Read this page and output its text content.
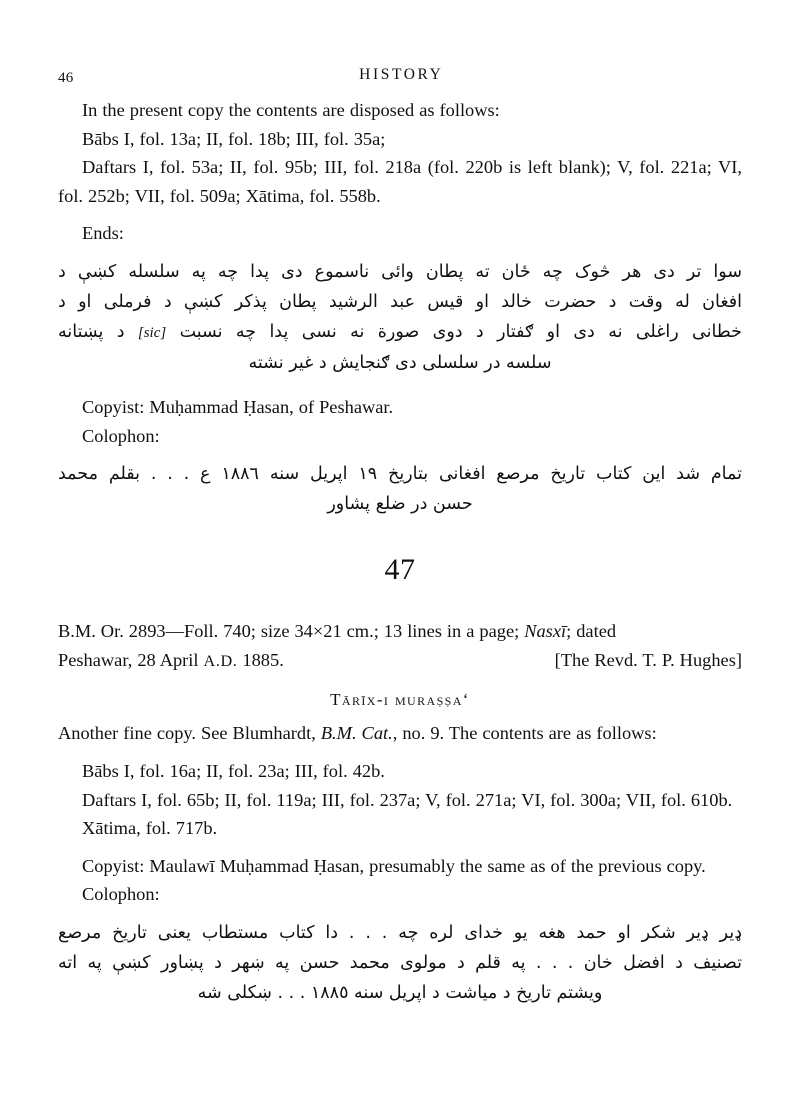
46	HISTORY

In the present copy the contents are disposed as follows:

Bābs I, fol. 13a; II, fol. 18b; III, fol. 35a;

Daftars I, fol. 53a; II, fol. 95b; III, fol. 218a (fol. 220b is left blank); V, fol. 221a; VI, fol. 252b; VII, fol. 509a; Xātima, fol. 558b.

Ends:

سوا تر دی هر څوک چه ځان ته پطان وائی ناسموع دی پدا چه په سلسله کښې د

افغان له وقت د حضرت خالد او قیس عبد الرشید پطان پذکر کښې د فرملی او د

خطانی راغلی نه دی او ګفتار د دوی صورة نه نسی پدا چه نسبت [sic] د پښتانه

سلسه در سلسلی دی ګنجایش د غیر نشته

Copyist: Muḥammad Ḥasan, of Peshawar.

Colophon:

تمام شد این کتاب تاریخ مرصع افغانی بتاریخ ١٩ اپریل سنه ١٨٨٦ ع . . . بقلم محمد

حسن در ضلع پشاور

47

B.M. Or. 2893—Foll. 740; size 34×21 cm.; 13 lines in a page; Nasxī; dated

Peshawar, 28 April A.D. 1885.	[The Revd. T. P. Hughes]

Tārīx-i muraṣṣa‘

Another fine copy. See Blumhardt, B.M. Cat., no. 9. The contents are as follows:

Bābs I, fol. 16a; II, fol. 23a; III, fol. 42b.

Daftars I, fol. 65b; II, fol. 119a; III, fol. 237a; V, fol. 271a; VI, fol. 300a; VII, fol. 610b.

Xātima, fol. 717b.

Copyist: Maulawī Muḥammad Ḥasan, presumably the same as of the previous copy.

Colophon:

ډیر ډیر شکر او حمد هغه یو خدای لره چه . . . دا کتاب مستطاب یعنی تاریخ مرصع

تصنیف د افضل خان . . . په قلم د مولوی محمد حسن په ښهر د پښاور کښې په اته

ویشتم تاریخ د میاشت د اپریل سنه ١٨٨٥ . . . ښکلی شه
